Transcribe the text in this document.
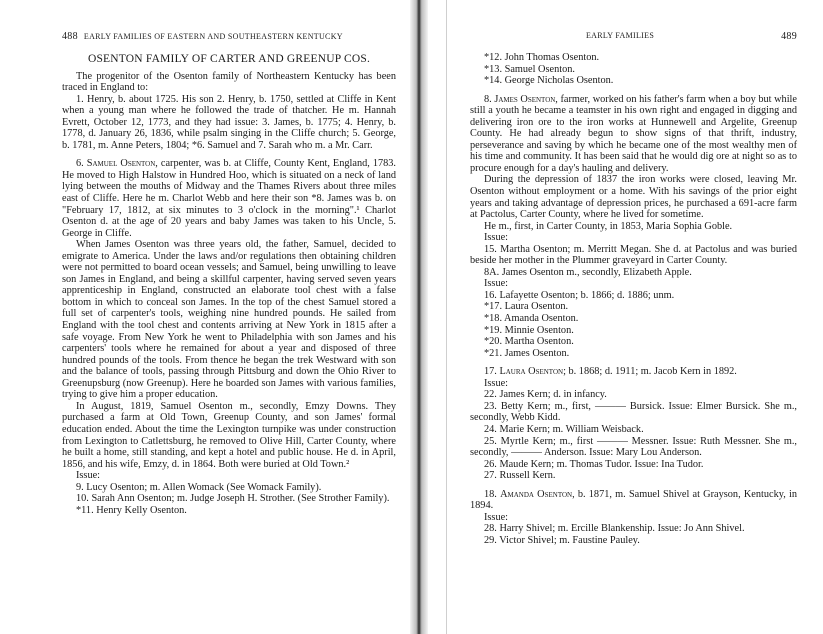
488 EARLY FAMILIES OF EASTERN AND SOUTHEASTERN KENTUCKY
OSENTON FAMILY OF CARTER AND GREENUP COS.

The progenitor of the Osenton family of Northeastern Kentucky has been traced in England to:

1. Henry, b. about 1725. His son 2. Henry, b. 1750, settled at Cliffe in Kent when a young man where he followed the trade of thatcher. He m. Hannah Evrett, October 12, 1773, and they had issue: 3. James, b. 1775; 4. Henry, b. 1778, d. January 26, 1836, while psalm singing in the Cliffe church; 5. George, b. 1781, m. Anne Peters, 1804; *6. Samuel and 7. Sarah who m. a Mr. Carr.

6. Samuel Osenton, carpenter, was b. at Cliffe, County Kent, England, 1783. He moved to High Halstow in Hundred Hoo, which is situated on a neck of land lying between the mouths of Midway and the Thames Rivers about three miles east of Cliffe. Here he m. Charlot Webb and here their son *8. James was b. on "February 17, 1812, at six minutes to 3 o'clock in the morning".¹ Charlot Osenton d. at the age of 20 years and baby James was taken to his Uncle, 5. George in Cliffe.

When James Osenton was three years old, the father, Samuel, decided to emigrate to America. Under the laws and/or regulations then obtaining children were not permitted to board ocean vessels; and Samuel, being unwilling to leave son James in England, and being a skillful carpenter, having served seven years apprenticeship in England, constructed an elaborate tool chest with a false bottom in which to conceal son James. In the top of the chest Samuel stored a full set of carpenter's tools, weighing nine hundred pounds. He sailed from England with the tool chest and contents arriving at New York in 1815 after a safe voyage. From New York he went to Philadelphia with son James and his carpenters' tools where he remained for about a year and disposed of three hundred pounds of the tools. From thence he began the trek Westward with son and the balance of tools, passing through Pittsburg and down the Ohio River to Greenupsburg (now Greenup). Here he boarded son James with various families, trying to give him a proper education.

In August, 1819, Samuel Osenton m., secondly, Emzy Downs. They purchased a farm at Old Town, Greenup County, and son James' formal education ended. About the time the Lexington turnpike was under construction from Lexington to Catlettsburg, he removed to Olive Hill, Carter County, where he built a home, still standing, and kept a hotel and public house. He d. in April, 1856, and his wife, Emzy, d. in 1864. Both were buried at Old Town.²

Issue:

9. Lucy Osenton; m. Allen Womack (See Womack Family).

10. Sarah Ann Osenton; m. Judge Joseph H. Strother. (See Strother Family).

*11. Henry Kelly Osenton.

EARLY FAMILIES	489

*12. John Thomas Osenton.

*13. Samuel Osenton.

*14. George Nicholas Osenton.

8. James Osenton, farmer, worked on his father's farm when a boy but while still a youth he became a teamster in his own right and engaged in digging and delivering iron ore to the iron works at Hunnewell and Argelite, Greenup County. He had already begun to show signs of that thrift, industry, perseverance and saving by which he became one of the most wealthy men of his time and community. It has been said that he would dig ore at night so as to procure enough for a day's hauling and delivery.

During the depression of 1837 the iron works were closed, leaving Mr. Osenton without employment or a home. With his savings of the prior eight years and taking advantage of depression prices, he purchased a 691-acre farm at Pactolus, Carter County, where he lived for sometime.

He m., first, in Carter County, in 1853, Maria Sophia Goble.

Issue:

15. Martha Osenton; m. Merritt Megan. She d. at Pactolus and was buried beside her mother in the Plummer graveyard in Carter County.

8A. James Osenton m., secondly, Elizabeth Apple.

Issue:

16. Lafayette Osenton; b. 1866; d. 1886; unm.

*17. Laura Osenton.

*18. Amanda Osenton.

*19. Minnie Osenton.

*20. Martha Osenton.

*21. James Osenton.

17. Laura Osenton; b. 1868; d. 1911; m. Jacob Kern in 1892.

Issue:

22. James Kern; d. in infancy.

23. Betty Kern; m., first, ——— Bursick. Issue: Elmer Bursick. She m., secondly, Webb Kidd.

24. Marie Kern; m. William Weisback.

25. Myrtle Kern; m., first ——— Messner. Issue: Ruth Messner. She m., secondly, ——— Anderson. Issue: Mary Lou Anderson.

26. Maude Kern; m. Thomas Tudor. Issue: Ina Tudor.

27. Russell Kern.

18. Amanda Osenton, b. 1871, m. Samuel Shivel at Grayson, Kentucky, in 1894.

Issue:

28. Harry Shivel; m. Ercille Blankenship. Issue: Jo Ann Shivel.

29. Victor Shivel; m. Faustine Pauley.
